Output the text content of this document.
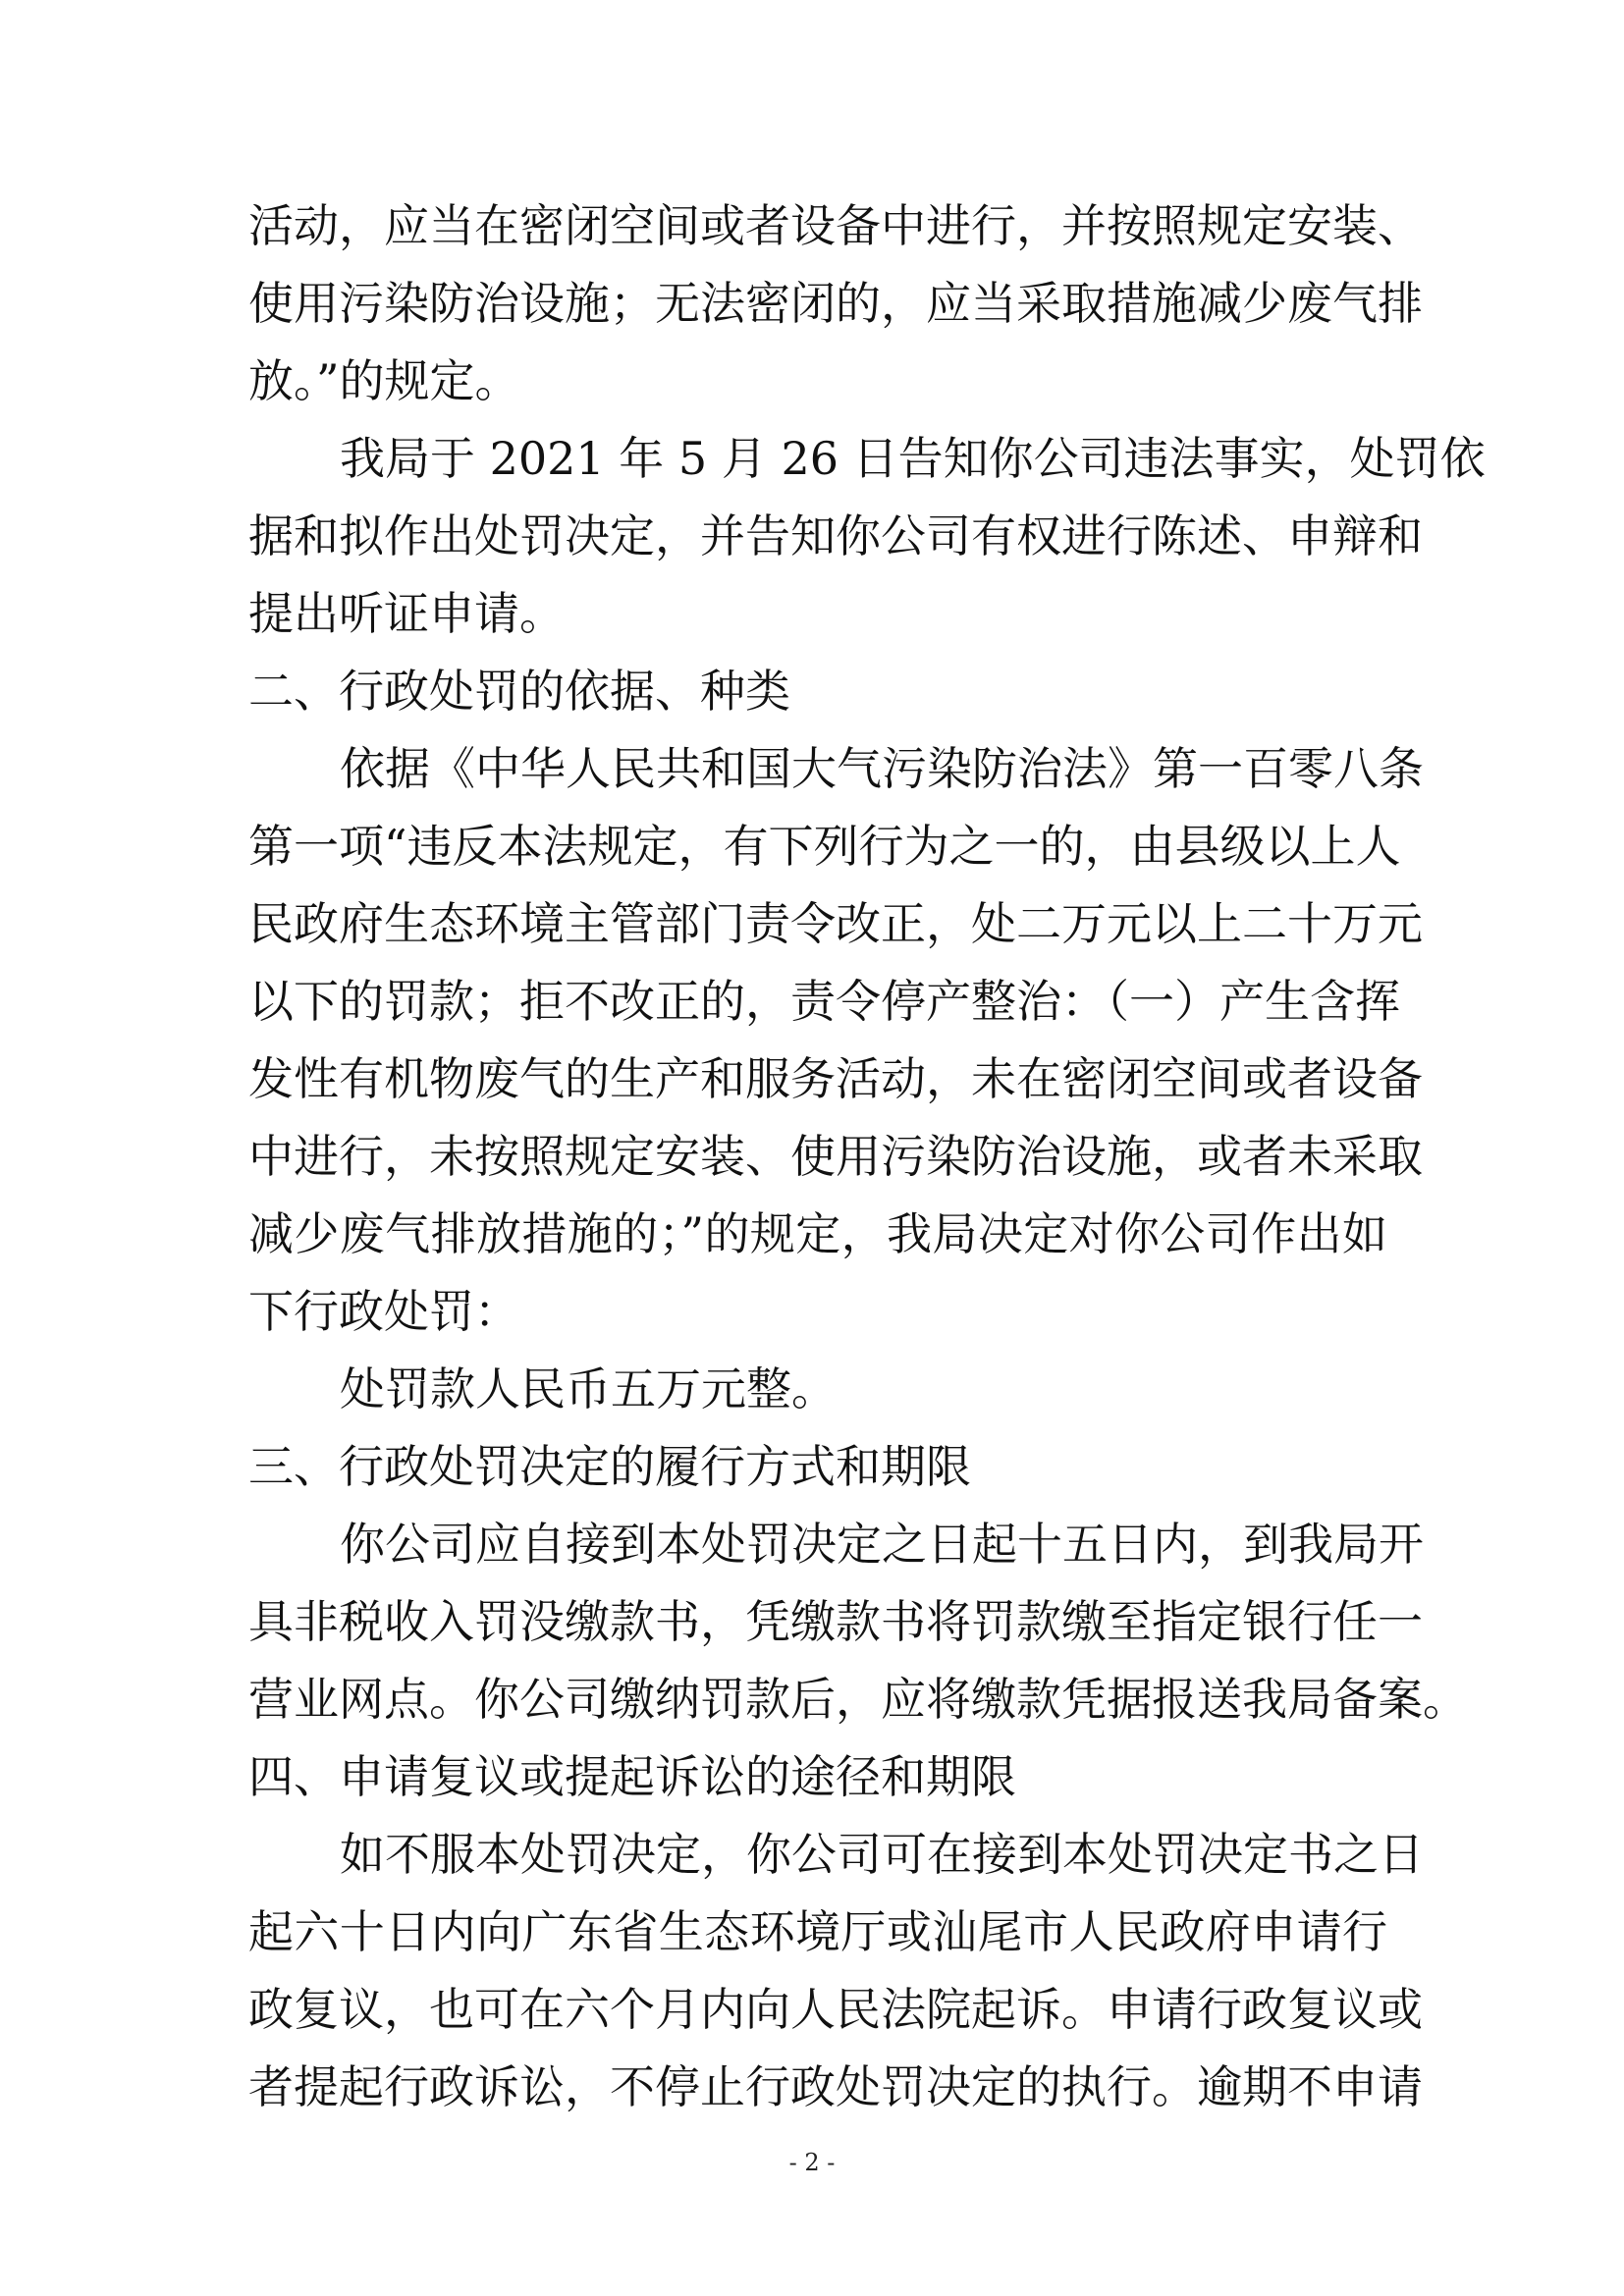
活动，应当在密闭空间或者设备中进行，并按照规定安装、
使用污染防治设施；无法密闭的，应当采取措施减少废气排
放。”的规定。
我局于 2021 年 5 月 26 日告知你公司违法事实，处罚依
据和拟作出处罚决定，并告知你公司有权进行陈述、申辩和
提出听证申请。
二、行政处罚的依据、种类
依据《中华人民共和国大气污染防治法》第一百零八条
第一项“违反本法规定，有下列行为之一的，由县级以上人
民政府生态环境主管部门责令改正，处二万元以上二十万元
以下的罚款；拒不改正的，责令停产整治：（一）产生含挥
发性有机物废气的生产和服务活动，未在密闭空间或者设备
中进行，未按照规定安装、使用污染防治设施，或者未采取
减少废气排放措施的；”的规定，我局决定对你公司作出如
下行政处罚：
处罚款人民币五万元整。
三、行政处罚决定的履行方式和期限
你公司应自接到本处罚决定之日起十五日内，到我局开
具非税收入罚没缴款书，凭缴款书将罚款缴至指定银行任一
营业网点。你公司缴纳罚款后，应将缴款凭据报送我局备案。
四、申请复议或提起诉讼的途径和期限
如不服本处罚决定，你公司可在接到本处罚决定书之日
起六十日内向广东省生态环境厅或汕尾市人民政府申请行
政复议，也可在六个月内向人民法院起诉。申请行政复议或
者提起行政诉讼，不停止行政处罚决定的执行。逾期不申请
- 2 -
